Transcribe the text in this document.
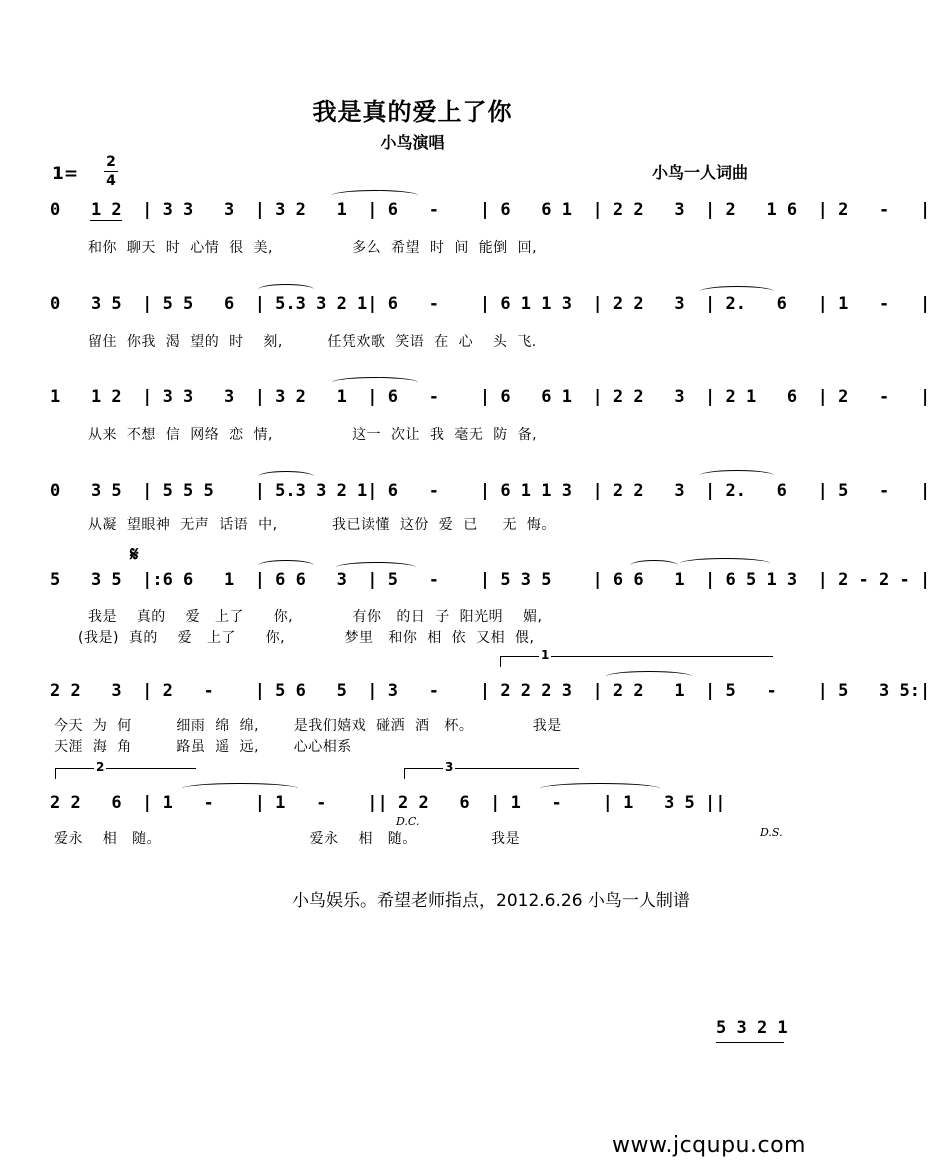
我是真的爱上了你
小鸟演唱
1=
2
4	小鸟一人词曲
0   1 2  | 3 3   3  | 3 2   1  | 6   -    | 6   6 1  | 2 2   3  | 2   1 6  | 2   -   |
和你  聊天  时  心情  很  美,                多么  希望  时  间  能倒  回,
0   3 5  | 5 5   6  | 5.3 3 2 1| 6   -    | 6 1 1 3  | 2 2   3  | 2.   6   | 1   -   |
留住  你我  渴  望的  时    刻,         任凭欢歌  笑语  在  心    头  飞.
1   1 2  | 3 3   3  | 3 2   1  | 6   -    | 6   6 1  | 2 2   3  | 2 1   6  | 2   -   |
从来  不想  信  网络  恋  情,                这一  次让  我  毫无  防  备,
0   3 5  | 5 5 5    | 5.3 3 2 1| 6   -    | 6 1 1 3  | 2 2   3  | 2.   6   | 5   -   |
从凝  望眼神  无声  话语  中,           我已读懂  这份  爱  已     无  悔。
𝄋
5   3 5  |:6 6   1  | 6 6   3  | 5   -    | 5 3 5    | 6 6   1  | 6 5 1 3  | 2 - 2 - |
我是    真的    爱   上了      你,            有你   的日  子  阳光明    媚,
(我是)  真的    爱   上了      你,            梦里   和你  相  依  又相  偎,
1
2 2   3  | 2   -    | 5 6   5  | 3   -    | 2 2 2 3  | 2 2   1  | 5   -    | 5   3 5:|
今天  为  何         细雨  绵  绵,       是我们嬉戏  碰洒  酒   杯。            我是
天涯  海  角         路虽  遥  远,       心心相系
2	3
2 2   6  | 1   -    | 1   -    || 2 2   6  | 1   -    | 1   3 5 ||
爱永    相   随。                              爱永    相   随。               我是
D.C.
D.S.
小鸟娱乐。希望老师指点，2012.6.26 小鸟一人制谱
5 3 2 1
www.jcqupu.com
